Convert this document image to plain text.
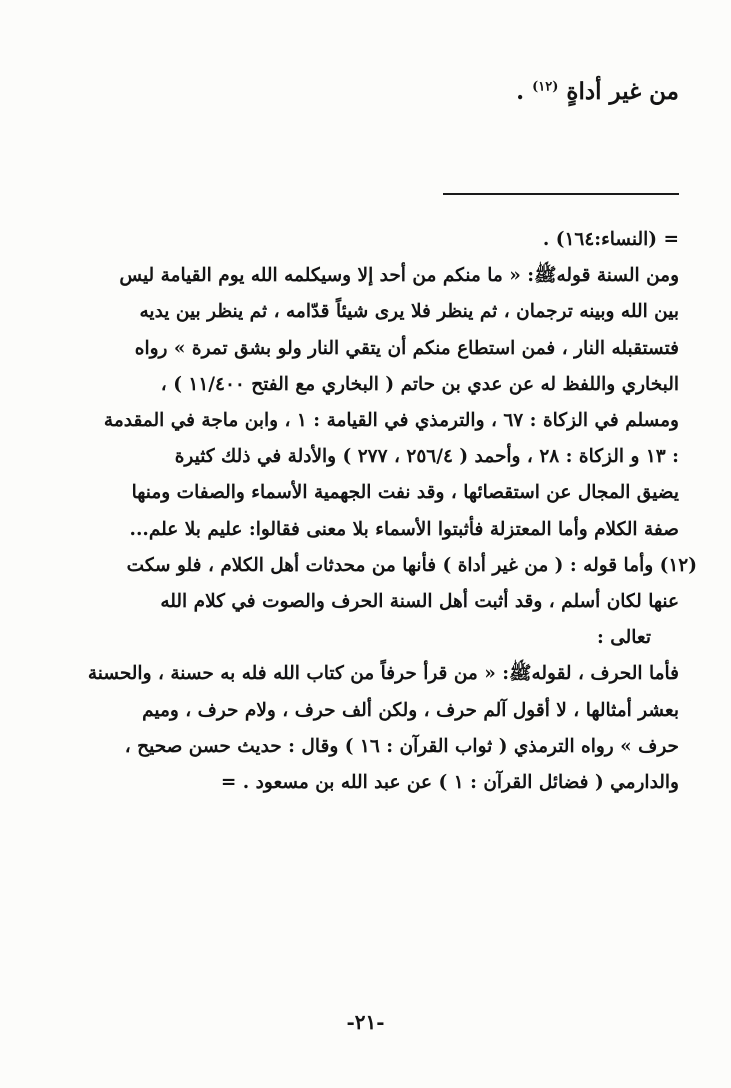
من غير أداةٍ $^{(١٢)}$ .
= (النساء:١٦٤) .
ومن السنة قولهﷺ: « ما منكم من أحد إلا وسيكلمه الله يوم القيامة ليس
بين الله وبينه ترجمان ، ثم ينظر فلا يرى شيئاً قدّامه ، ثم ينظر بين يديه
فتستقبله النار ، فمن استطاع منكم أن يتقي النار ولو بشق تمرة » رواه
البخاري واللفظ له عن عدي بن حاتم ( البخاري مع الفتح ١١/٤٠٠ ) ،
ومسلم في الزكاة : ٦٧ ، والترمذي في القيامة : ١ ، وابن ماجة في المقدمة
: ١٣ و الزكاة : ٢٨ ، وأحمد ( ٢٥٦/٤ ، ٢٧٧ ) والأدلة في ذلك كثيرة
يضيق المجال عن استقصائها ، وقد نفت الجهمية الأسماء والصفات ومنها
صفة الكلام وأما المعتزلة فأثبتوا الأسماء بلا معنى فقالوا: عليم بلا علم...
(١٢) وأما قوله : ( من غير أداة ) فأنها من محدثات أهل الكلام ، فلو سكت
عنها لكان أسلم ، وقد أثبت أهل السنة الحرف والصوت في كلام الله
تعالى :
فأما الحرف ، لقولهﷺ: « من قرأ حرفاً من كتاب الله فله به حسنة ، والحسنة
بعشر أمثالها ، لا أقول آلم حرف ، ولكن ألف حرف ، ولام حرف ، وميم
حرف » رواه الترمذي ( ثواب القرآن : ١٦ ) وقال : حديث حسن صحيح ،
والدارمي ( فضائل القرآن : ١ ) عن عبد الله بن مسعود . =
-٢١-
